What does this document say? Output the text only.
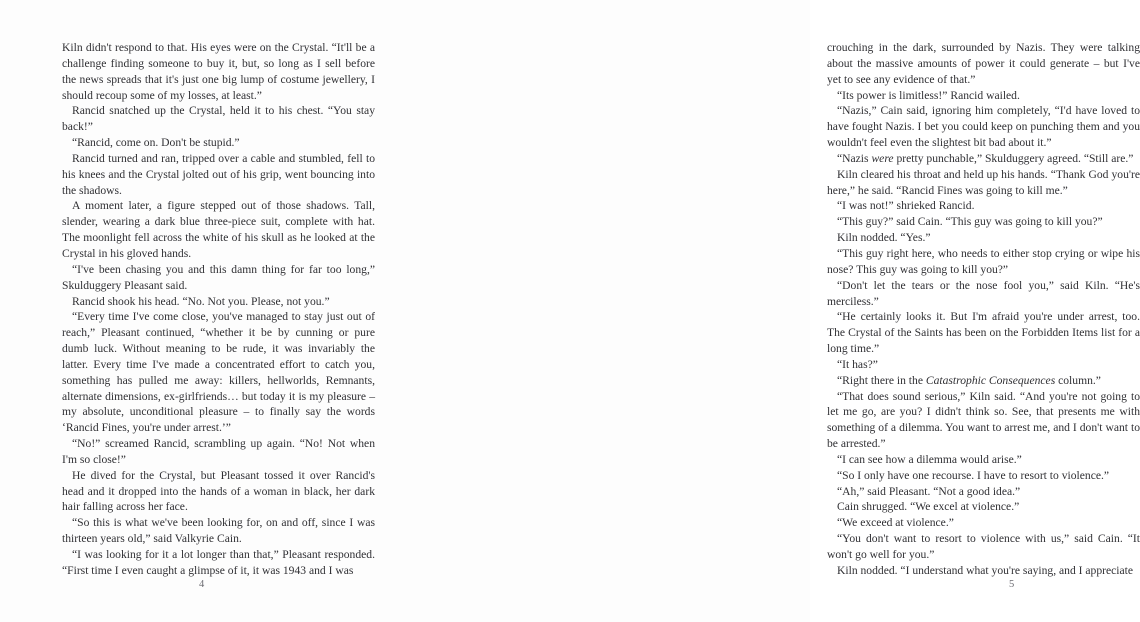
Kiln didn't respond to that. His eyes were on the Crystal. “It'll be a challenge finding someone to buy it, but, so long as I sell before the news spreads that it's just one big lump of costume jewellery, I should recoup some of my losses, at least.”

Rancid snatched up the Crystal, held it to his chest. “You stay back!”

“Rancid, come on. Don't be stupid.”

Rancid turned and ran, tripped over a cable and stumbled, fell to his knees and the Crystal jolted out of his grip, went bouncing into the shadows.

A moment later, a figure stepped out of those shadows. Tall, slender, wearing a dark blue three-piece suit, complete with hat. The moonlight fell across the white of his skull as he looked at the Crystal in his gloved hands.

“I've been chasing you and this damn thing for far too long,” Skulduggery Pleasant said.

Rancid shook his head. “No. Not you. Please, not you.”

“Every time I've come close, you've managed to stay just out of reach,” Pleasant continued, “whether it be by cunning or pure dumb luck. Without meaning to be rude, it was invariably the latter. Every time I've made a concentrated effort to catch you, something has pulled me away: killers, hellworlds, Remnants, alternate dimensions, ex-girlfriends… but today it is my pleasure – my absolute, unconditional pleasure – to finally say the words ‘Rancid Fines, you're under arrest.’”

“No!” screamed Rancid, scrambling up again. “No! Not when I'm so close!”

He dived for the Crystal, but Pleasant tossed it over Rancid's head and it dropped into the hands of a woman in black, her dark hair falling across her face.

“So this is what we've been looking for, on and off, since I was thirteen years old,” said Valkyrie Cain.

“I was looking for it a lot longer than that,” Pleasant responded. “First time I even caught a glimpse of it, it was 1943 and I was

4

crouching in the dark, surrounded by Nazis. They were talking about the massive amounts of power it could generate – but I've yet to see any evidence of that.”

“Its power is limitless!” Rancid wailed.

“Nazis,” Cain said, ignoring him completely, “I'd have loved to have fought Nazis. I bet you could keep on punching them and you wouldn't feel even the slightest bit bad about it.”

“Nazis were pretty punchable,” Skulduggery agreed. “Still are.”

Kiln cleared his throat and held up his hands. “Thank God you're here,” he said. “Rancid Fines was going to kill me.”

“I was not!” shrieked Rancid.

“This guy?” said Cain. “This guy was going to kill you?”

Kiln nodded. “Yes.”

“This guy right here, who needs to either stop crying or wipe his nose? This guy was going to kill you?”

“Don't let the tears or the nose fool you,” said Kiln. “He's merciless.”

“He certainly looks it. But I'm afraid you're under arrest, too. The Crystal of the Saints has been on the Forbidden Items list for a long time.”

“It has?”

“Right there in the Catastrophic Consequences column.”

“That does sound serious,” Kiln said. “And you're not going to let me go, are you? I didn't think so. See, that presents me with something of a dilemma. You want to arrest me, and I don't want to be arrested.”

“I can see how a dilemma would arise.”

“So I only have one recourse. I have to resort to violence.”

“Ah,” said Pleasant. “Not a good idea.”

Cain shrugged. “We excel at violence.”

“We exceed at violence.”

“You don't want to resort to violence with us,” said Cain. “It won't go well for you.”

Kiln nodded. “I understand what you're saying, and I appreciate

5
